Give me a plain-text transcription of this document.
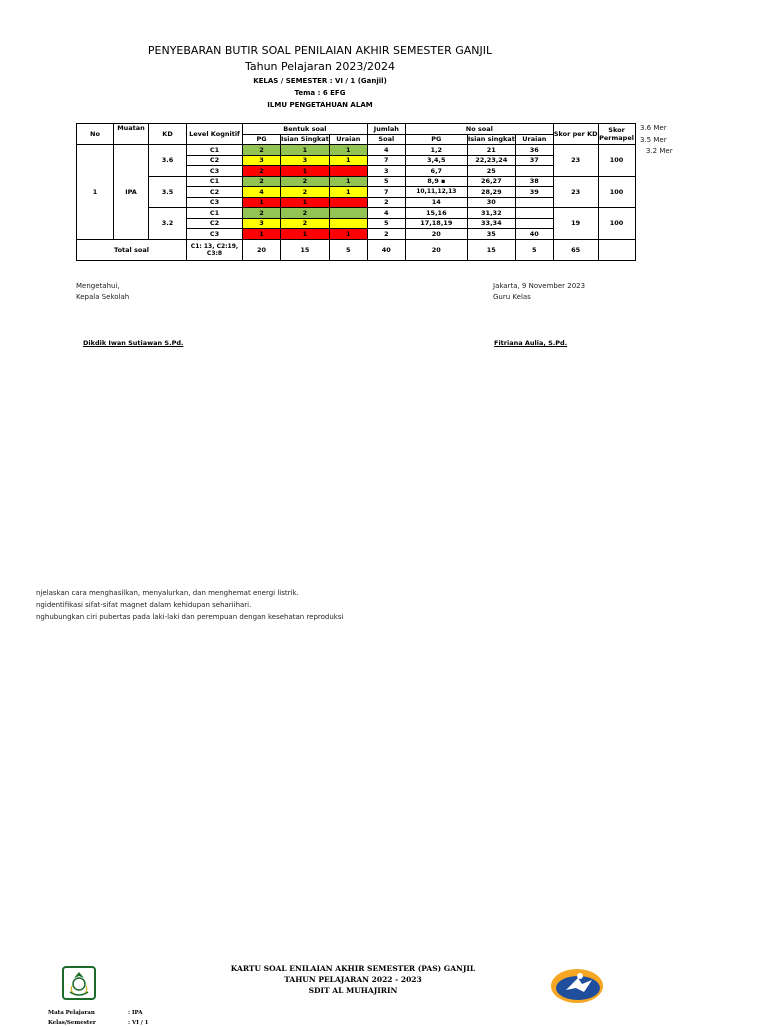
PENYEBARAN BUTIR SOAL PENILAIAN AKHIR SEMESTER GANJIL
Tahun Pelajaran 2023/2024
KELAS / SEMESTER : VI / 1 (Ganjil)
Tema : 6 EFG
ILMU PENGETAHUAN ALAM
3.6 Mer
3.5 Mer
3.2 Mer
No	Muatan	KD	Level Kognitif	Bentuk soal			Jumlah	No soal			Skor per KD	Skor Permapel
				PG	Isian Singkat	Uraian	Soal	PG	Isian singkat	Uraian		
1	IPA	3.6	C1	2	1	1	4	1,2	21	36	23	100
			C2	3	3	1	7	3,4,5	22,23,24	37		
			C3	2	1		3	6,7	25			
		3.5	C1	2	2	1	5	8,9 ▪	26,27	38	23	100
			C2	4	2	1	7	10,11,12,13	28,29	39		
			C3	1	1		2	14	30			
		3.2	C1	2	2		4	15,16	31,32		19	100
			C2	3	2		5	17,18,19	33,34			
			C3	1	1	1	2	20	35	40		
Total soal			C1: 13, C2:19, C3:8	20	15	5	40	20	15	5	65	
Mengetahui,
Kepala Sekolah
Dikdik Iwan Sutiawan S.Pd.
Jakarta, 9 November 2023
Guru Kelas
Fitriana Aulia, S.Pd.
njelaskan cara menghasilkan, menyalurkan, dan menghemat energi listrik.
ngidentifikasi sifat-sifat magnet dalam kehidupan sehariihari.
nghubungkan ciri pubertas pada laki-laki dan perempuan dengan kesehatan reproduksi
KARTU SOAL ENILAIAN AKHIR SEMESTER (PAS) GANJIL
TAHUN PELAJARAN 2022 - 2023
SDIT AL MUHAJIRIN
Mata Pelajaran	: IPA
Kelas/Semester	: VI / 1
